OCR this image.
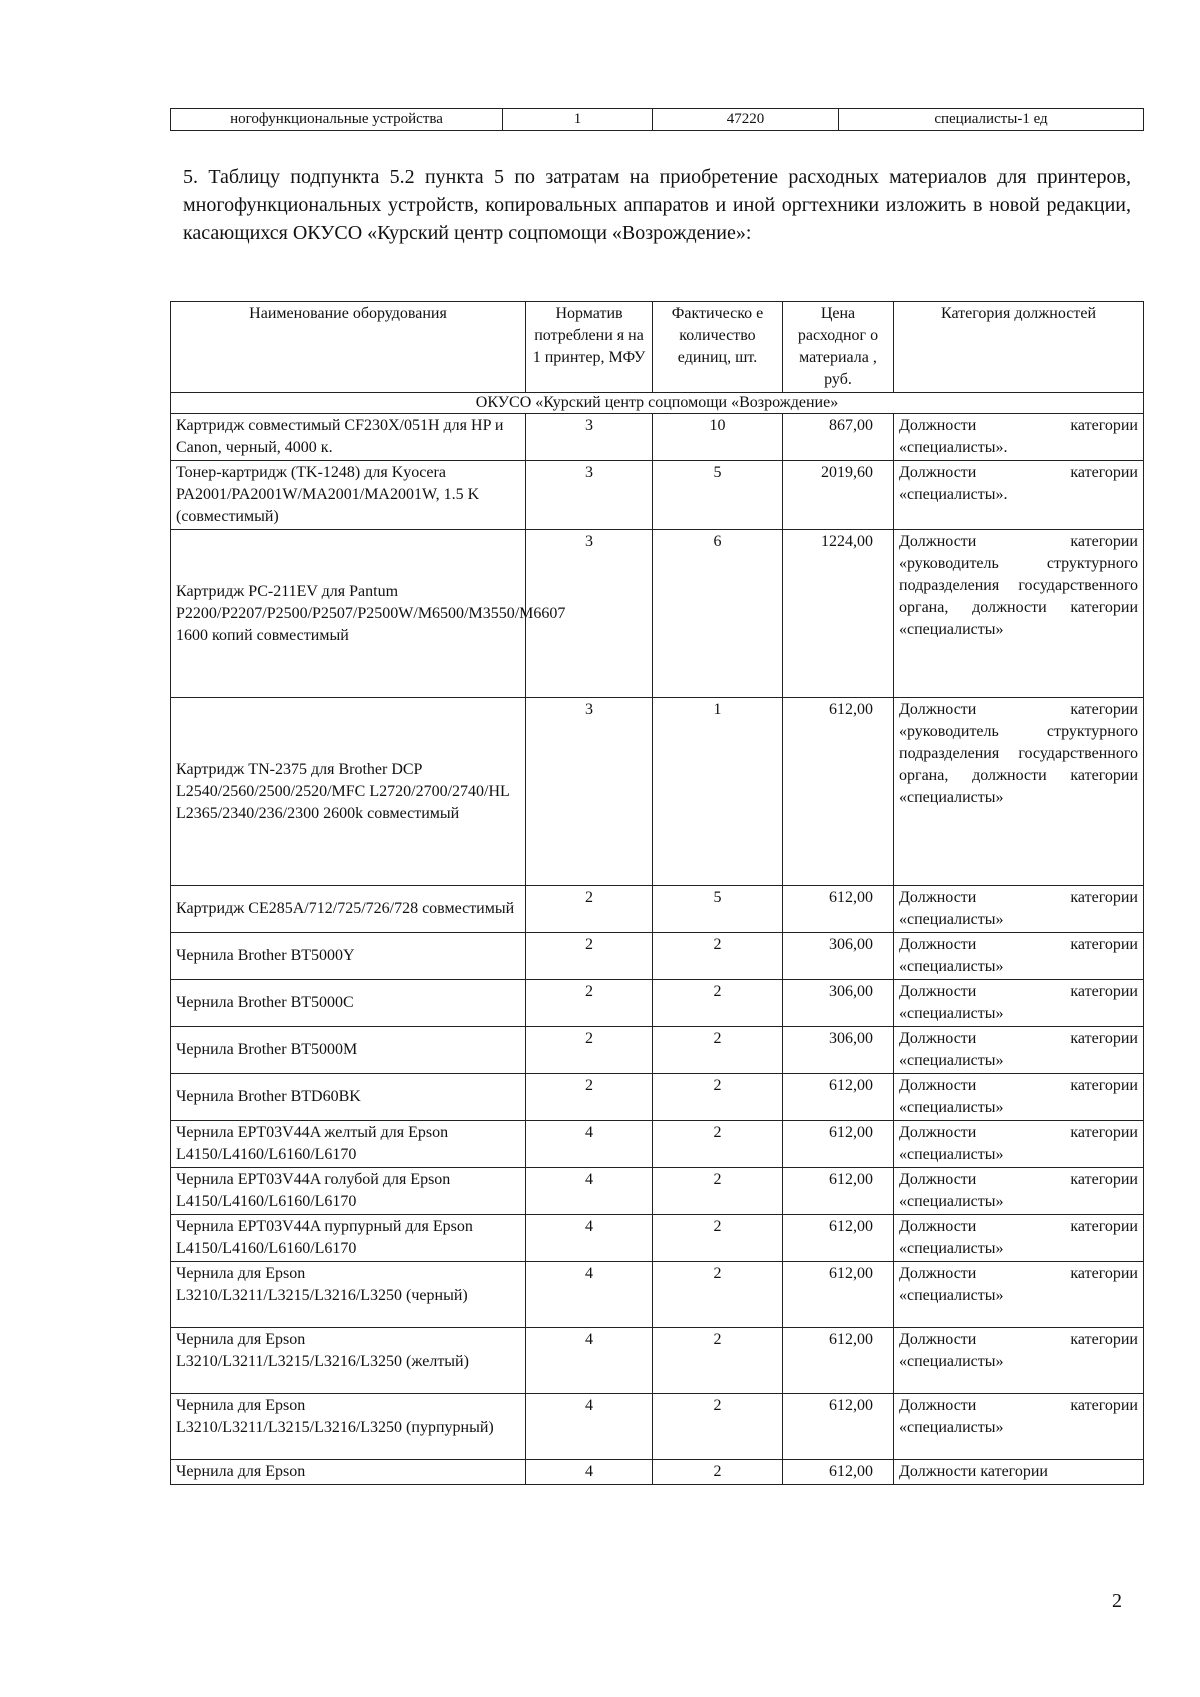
ногофункциональные устройства	1	47220	специалисты-1 ед

5. Таблицу подпункта 5.2 пункта 5 по затратам на приобретение расходных материалов для принтеров, многофункциональных устройств, копировальных аппаратов и иной оргтехники изложить в новой редакции, касающихся ОКУСО «Курский центр соцпомощи «Возрождение»:

Наименование оборудования	Норматив потреблени я на 1 принтер, МФУ	Фактическо е количество единиц, шт.	Цена расходног о материала , руб.	Категория должностей
ОКУСО «Курский центр соцпомощи «Возрождение»				
Картридж совместимый CF230X/051H для HP и Canon, черный, 4000 к.	3	10	867,00	Должности категории «специалисты».
Тонер-картридж (TK-1248) для Kyocera PA2001/PA2001W/MA2001/MA2001W, 1.5 K (совместимый)	3	5	2019,60	Должности категории «специалисты».
Картридж PC-211EV для Pantum P2200/P2207/P2500/P2507/P2500W/M6500/M3550/M6607 1600 копий совместимый	3	6	1224,00	Должности категории «руководитель структурного подразделения государственного органа, должности категории «специалисты»
Картридж TN-2375 для Brother DCP L2540/2560/2500/2520/MFC L2720/2700/2740/HL L2365/2340/236/2300 2600k совместимый	3	1	612,00	Должности категории «руководитель структурного подразделения государственного органа, должности категории «специалисты»
Картридж CE285A/712/725/726/728 совместимый	2	5	612,00	Должности категории «специалисты»
Чернила Brother BT5000Y	2	2	306,00	Должности категории «специалисты»
Чернила Brother BT5000C	2	2	306,00	Должности категории «специалисты»
Чернила Brother BT5000M	2	2	306,00	Должности категории «специалисты»
Чернила Brother BTD60BK	2	2	612,00	Должности категории «специалисты»
Чернила EPT03V44A желтый для Epson L4150/L4160/L6160/L6170	4	2	612,00	Должности категории «специалисты»
Чернила EPT03V44A голубой для Epson L4150/L4160/L6160/L6170	4	2	612,00	Должности категории «специалисты»
Чернила EPT03V44A пурпурный для Epson L4150/L4160/L6160/L6170	4	2	612,00	Должности категории «специалисты»
Чернила для Epson L3210/L3211/L3215/L3216/L3250 (черный)	4	2	612,00	Должности категории «специалисты»
Чернила для Epson L3210/L3211/L3215/L3216/L3250 (желтый)	4	2	612,00	Должности категории «специалисты»
Чернила для Epson L3210/L3211/L3215/L3216/L3250 (пурпурный)	4	2	612,00	Должности категории «специалисты»
Чернила для Epson	4	2	612,00	Должности категории
2
